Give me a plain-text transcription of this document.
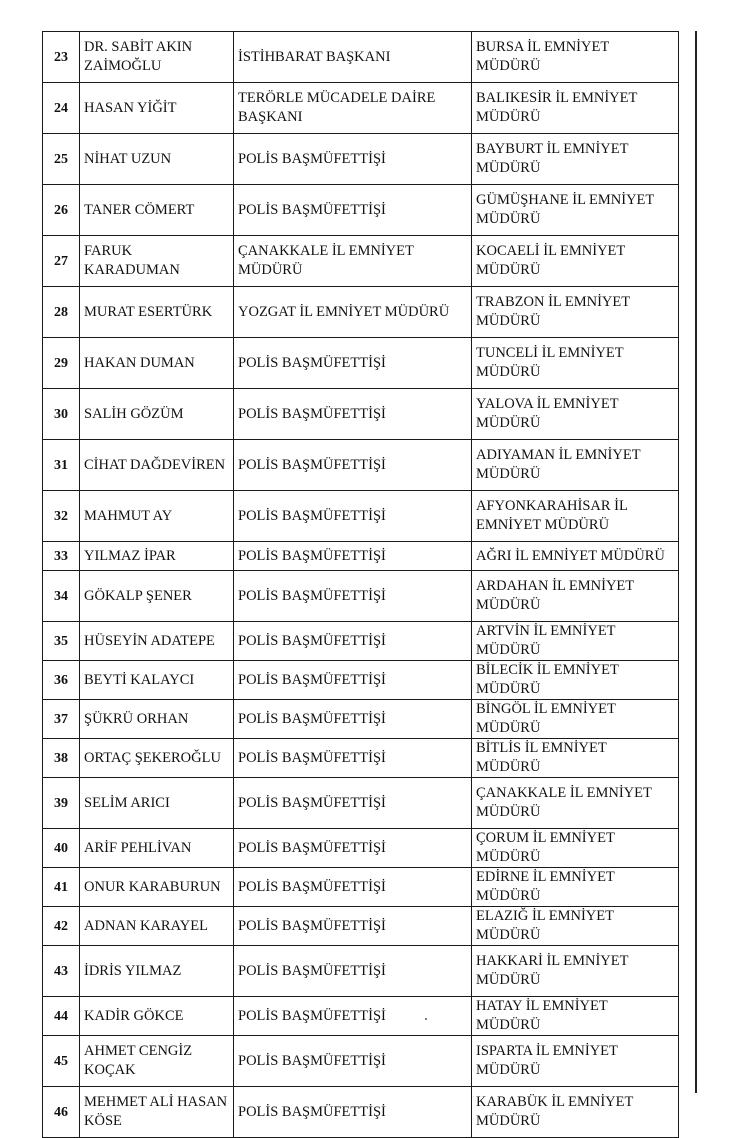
23	DR. SABİT AKIN ZAİMOĞLU	İSTİHBARAT BAŞKANI	BURSA İL EMNİYET MÜDÜRÜ
24	HASAN YİĞİT	TERÖRLE MÜCADELE DAİRE BAŞKANI	BALIKESİR İL EMNİYET MÜDÜRÜ
25	NİHAT UZUN	POLİS BAŞMÜFETTİŞİ	BAYBURT İL EMNİYET MÜDÜRÜ
26	TANER CÖMERT	POLİS BAŞMÜFETTİŞİ	GÜMÜŞHANE İL EMNİYET MÜDÜRÜ
27	FARUK KARADUMAN	ÇANAKKALE İL EMNİYET MÜDÜRÜ	KOCAELİ İL EMNİYET MÜDÜRÜ
28	MURAT ESERTÜRK	YOZGAT İL EMNİYET MÜDÜRÜ	TRABZON İL EMNİYET MÜDÜRÜ
29	HAKAN DUMAN	POLİS BAŞMÜFETTİŞİ	TUNCELİ İL EMNİYET MÜDÜRÜ
30	SALİH GÖZÜM	POLİS BAŞMÜFETTİŞİ	YALOVA İL EMNİYET MÜDÜRÜ
31	CİHAT DAĞDEVİREN	POLİS BAŞMÜFETTİŞİ	ADIYAMAN İL EMNİYET MÜDÜRÜ
32	MAHMUT AY	POLİS BAŞMÜFETTİŞİ	AFYONKARAHİSAR İL EMNİYET MÜDÜRÜ
33	YILMAZ İPAR	POLİS BAŞMÜFETTİŞİ	AĞRI İL EMNİYET MÜDÜRÜ
34	GÖKALP ŞENER	POLİS BAŞMÜFETTİŞİ	ARDAHAN İL EMNİYET MÜDÜRÜ
35	HÜSEYİN ADATEPE	POLİS BAŞMÜFETTİŞİ	ARTVİN İL EMNİYET MÜDÜRÜ
36	BEYTİ KALAYCI	POLİS BAŞMÜFETTİŞİ	BİLECİK İL EMNİYET MÜDÜRÜ
37	ŞÜKRÜ ORHAN	POLİS BAŞMÜFETTİŞİ	BİNGÖL İL EMNİYET MÜDÜRÜ
38	ORTAÇ ŞEKEROĞLU	POLİS BAŞMÜFETTİŞİ	BİTLİS İL EMNİYET MÜDÜRÜ
39	SELİM ARICI	POLİS BAŞMÜFETTİŞİ	ÇANAKKALE İL EMNİYET MÜDÜRÜ
40	ARİF PEHLİVAN	POLİS BAŞMÜFETTİŞİ	ÇORUM İL EMNİYET MÜDÜRÜ
41	ONUR KARABURUN	POLİS BAŞMÜFETTİŞİ	EDİRNE İL EMNİYET MÜDÜRÜ
42	ADNAN KARAYEL	POLİS BAŞMÜFETTİŞİ	ELAZIĞ İL EMNİYET MÜDÜRÜ
43	İDRİS YILMAZ	POLİS BAŞMÜFETTİŞİ	HAKKARİ İL EMNİYET MÜDÜRÜ
44	KADİR GÖKCE	POLİS BAŞMÜFETTİŞİ	HATAY İL EMNİYET MÜDÜRÜ
45	AHMET CENGİZ KOÇAK	POLİS BAŞMÜFETTİŞİ	ISPARTA İL EMNİYET MÜDÜRÜ
46	MEHMET ALİ HASAN KÖSE	POLİS BAŞMÜFETTİŞİ	KARABÜK İL EMNİYET MÜDÜRÜ
